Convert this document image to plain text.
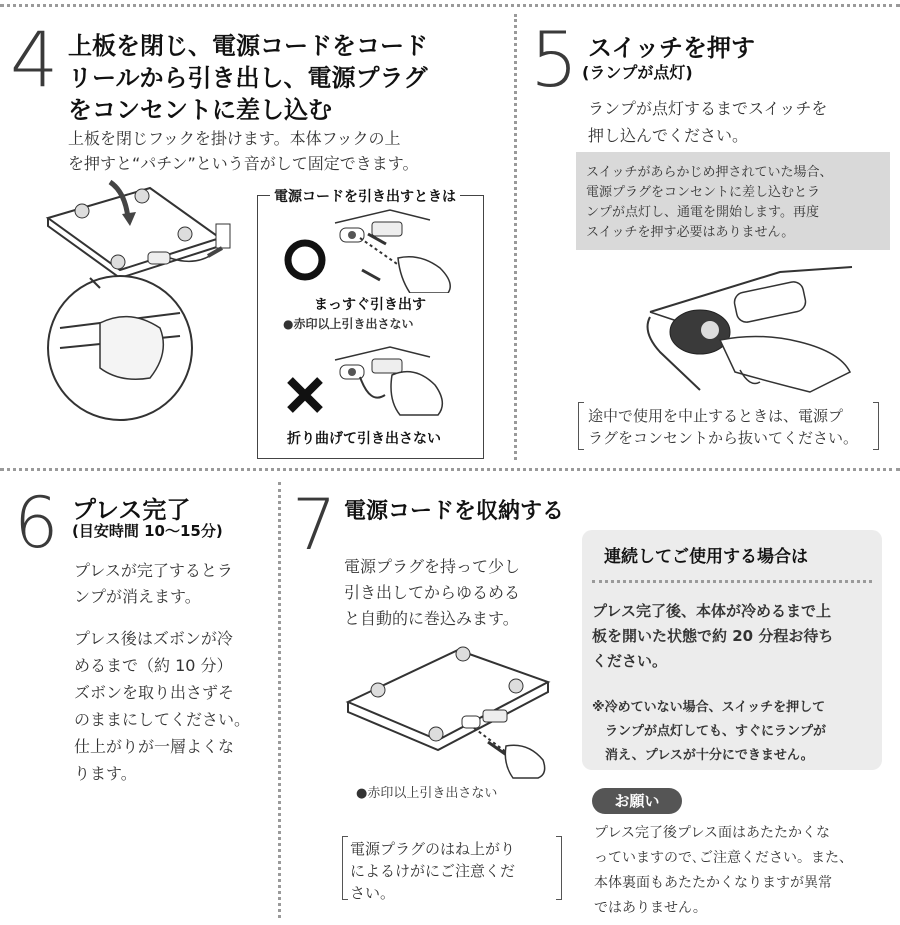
4 上板を閉じ、電源コードをコード
リールから引き出し、電源プラグ
をコンセントに差し込む
上板を閉じフックを掛けます。本体フックの上
を押すと“パチン”という音がして固定できます。
電源コードを引き出すときは
まっすぐ引き出す
●赤印以上引き出さない
折り曲げて引き出さない
5 スイッチを押す
(ランプが点灯)
ランプが点灯するまでスイッチを
押し込んでください。
スイッチがあらかじめ押されていた場合、
電源プラグをコンセントに差し込むとラ
ンプが点灯し、通電を開始します。再度
スイッチを押す必要はありません。
途中で使用を中止するときは、電源プ
ラグをコンセントから抜いてください。
6 プレス完了
(目安時間 10～15分)
プレスが完了するとラ
ンプが消えます。
プレス後はズボンが冷
めるまで（約 10 分）
ズボンを取り出さずそ
のままにしてください。
仕上がりが一層よくな
ります。
7 電源コードを収納する
電源プラグを持って少し
引き出してからゆるめる
と自動的に巻込みます。
●赤印以上引き出さない
電源プラグのはね上がり
によるけがにご注意くだ
さい。
連続してご使用する場合は
プレス完了後、本体が冷めるまで上
板を開いた状態で約 20 分程お待ち
ください。
※冷めていない場合、スイッチを押して
　ランプが点灯しても、すぐにランプが
　消え、プレスが十分にできません。
お願い
プレス完了後プレス面はあたたかくな
っていますので､ご注意ください。また、
本体裏面もあたたかくなりますが異常
ではありません。
